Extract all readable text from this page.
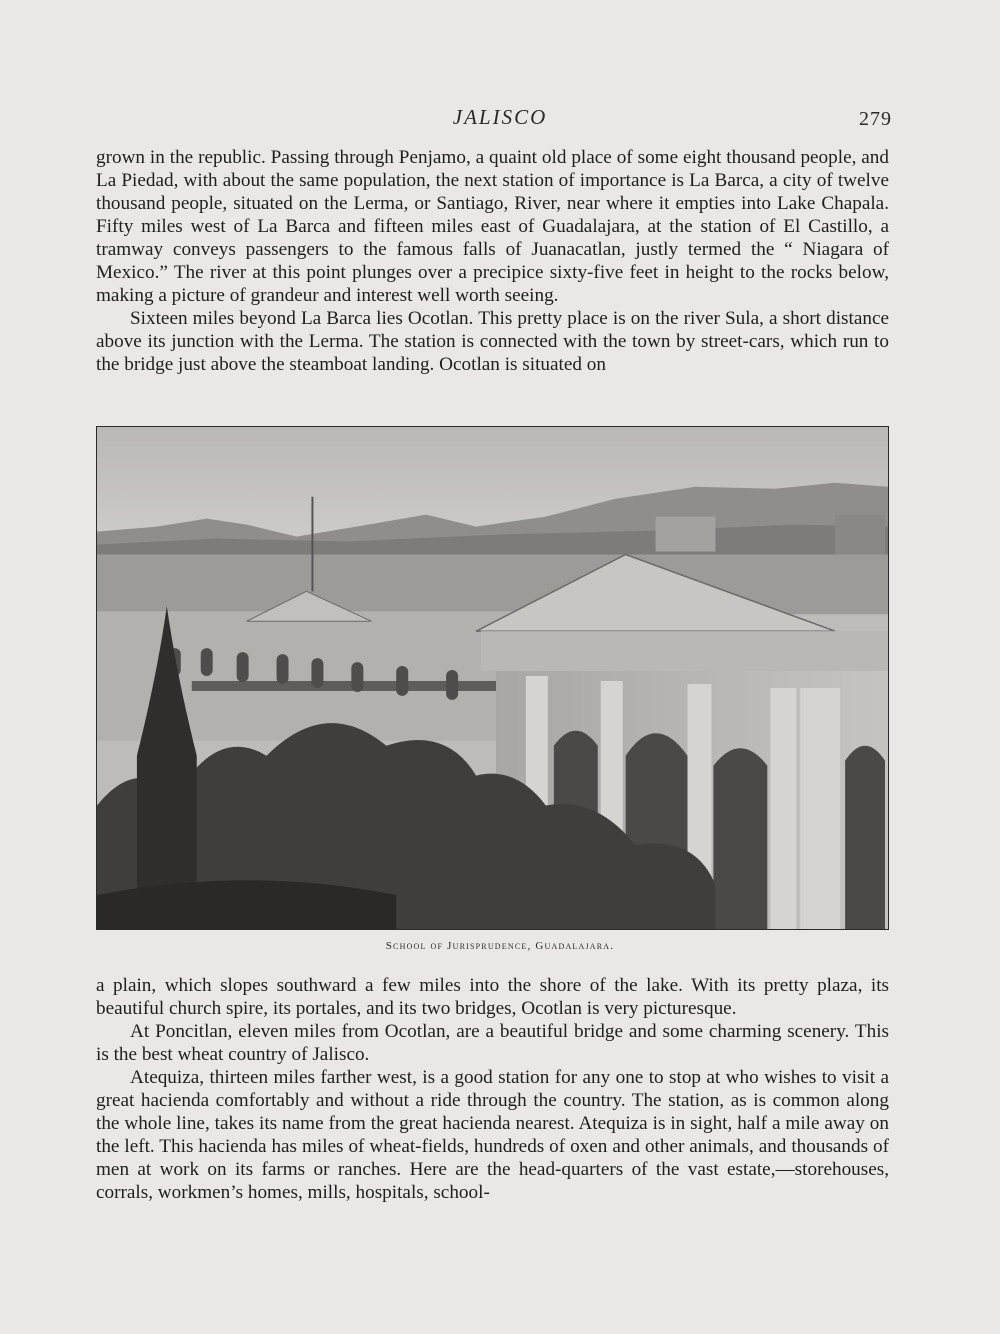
JALISCO	279

grown in the republic. Passing through Penjamo, a quaint old place of some eight thousand people, and La Piedad, with about the same population, the next station of importance is La Barca, a city of twelve thousand people, situated on the Lerma, or Santiago, River, near where it empties into Lake Chapala. Fifty miles west of La Barca and fifteen miles east of Guadalajara, at the station of El Castillo, a tramway conveys passengers to the famous falls of Juanacatlan, justly termed the “ Niagara of Mexico.” The river at this point plunges over a precipice sixty-five feet in height to the rocks below, making a picture of grandeur and interest well worth seeing.

Sixteen miles beyond La Barca lies Ocotlan. This pretty place is on the river Sula, a short distance above its junction with the Lerma. The station is connected with the town by street-cars, which run to the bridge just above the steamboat landing. Ocotlan is situated on

School of Jurisprudence, Guadalajara.

a plain, which slopes southward a few miles into the shore of the lake. With its pretty plaza, its beautiful church spire, its portales, and its two bridges, Ocotlan is very picturesque.

At Poncitlan, eleven miles from Ocotlan, are a beautiful bridge and some charming scenery. This is the best wheat country of Jalisco.

Atequiza, thirteen miles farther west, is a good station for any one to stop at who wishes to visit a great hacienda comfortably and without a ride through the country. The station, as is common along the whole line, takes its name from the great hacienda nearest. Atequiza is in sight, half a mile away on the left. This hacienda has miles of wheat-fields, hundreds of oxen and other animals, and thousands of men at work on its farms or ranches. Here are the head-quarters of the vast estate,—storehouses, corrals, workmen’s homes, mills, hospitals, school-
